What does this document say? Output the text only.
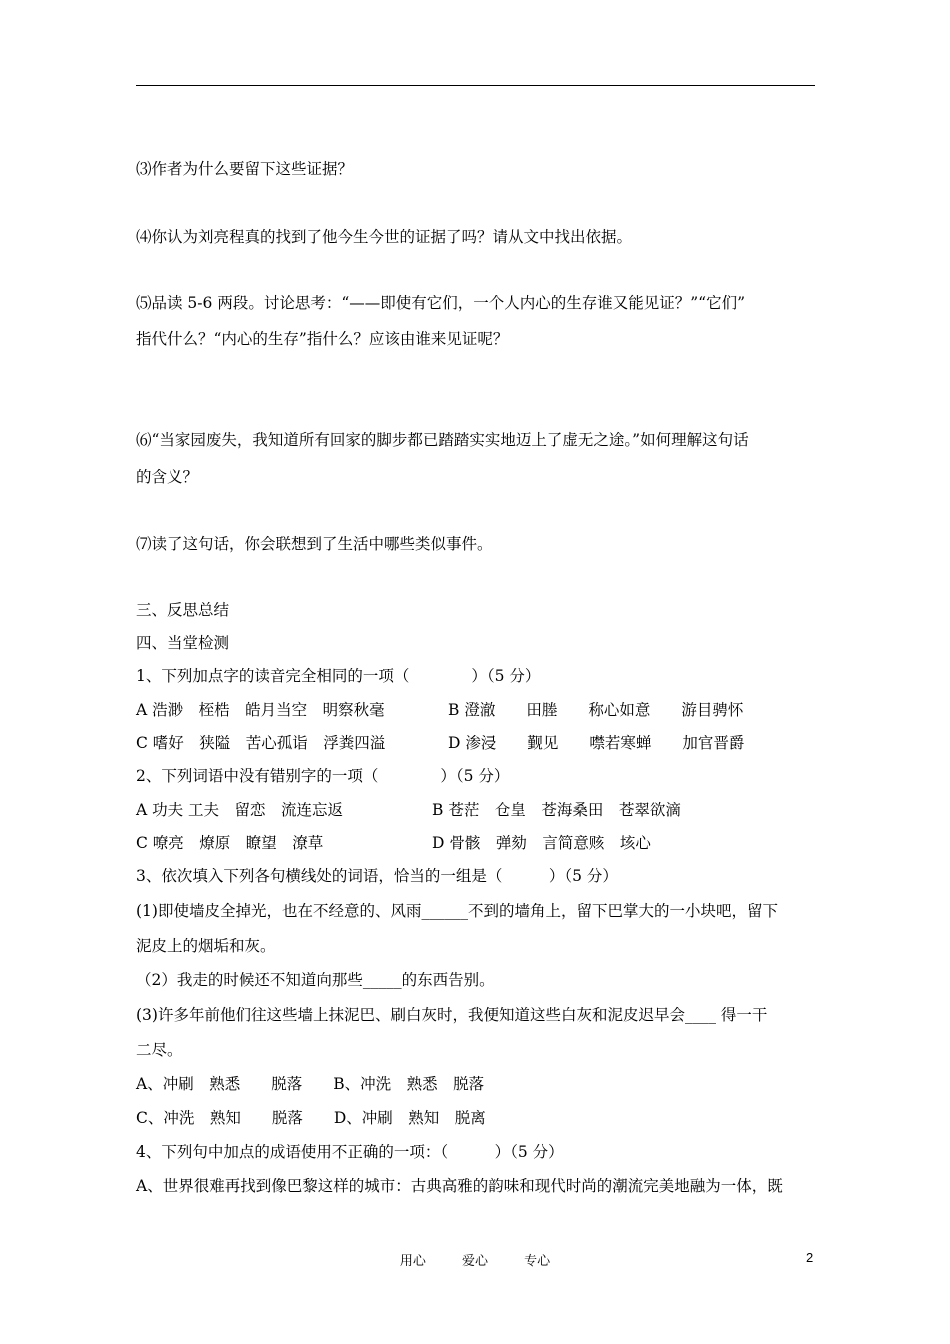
⑶作者为什么要留下这些证据？
⑷你认为刘亮程真的找到了他今生今世的证据了吗？请从文中找出依据。
⑸品读 5-6 两段。讨论思考：“——即使有它们，一个人内心的生存谁又能见证？”“它们”
指代什么？“内心的生存”指什么？应该由谁来见证呢？
⑹“当家园废失，我知道所有回家的脚步都已踏踏实实地迈上了虚无之途。”如何理解这句话
的含义？
⑺读了这句话，你会联想到了生活中哪些类似事件。
三、反思总结
四、当堂检测
1、下列加点字的读音完全相同的一项（　　　　）（5 分）
A 浩渺　桎梏　皓月当空　明察秋毫	B 澄澈　　田塍　　称心如意　　游目骋怀
C 嗜好　狭隘　苦心孤诣　浮粪四溢	D 渗浸　　觐见　　噤若寒蝉　　加官晋爵
2、下列词语中没有错别字的一项（　　　　）（5 分）
A 功夫 工夫　留恋　流连忘返	B 苍茫　仓皇　苍海桑田　苍翠欲滴
C 嘹亮　燎原　瞭望　潦草	D 骨骸　弹劾　言简意赅　垓心
3、依次填入下列各句横线处的词语，恰当的一组是（　　　）（5 分）
(1)即使墙皮全掉光，也在不经意的、风雨______不到的墙角上，留下巴掌大的一小块吧，留下
泥皮上的烟垢和灰。
（2）我走的时候还不知道向那些_____的东西告别。
(3)许多年前他们往这些墙上抹泥巴、刷白灰时，我便知道这些白灰和泥皮迟早会____ 得一干
二尽。
A、冲刷　熟悉　　脱落　　B、冲洗　熟悉　脱落
C、冲洗　熟知　　脱落　　D、冲刷　熟知　脱离
4、下列句中加点的成语使用不正确的一项：（　　　）（5 分）
A、世界很难再找到像巴黎这样的城市：古典高雅的韵味和现代时尚的潮流完美地融为一体，既
用心	爱心	专心	2
